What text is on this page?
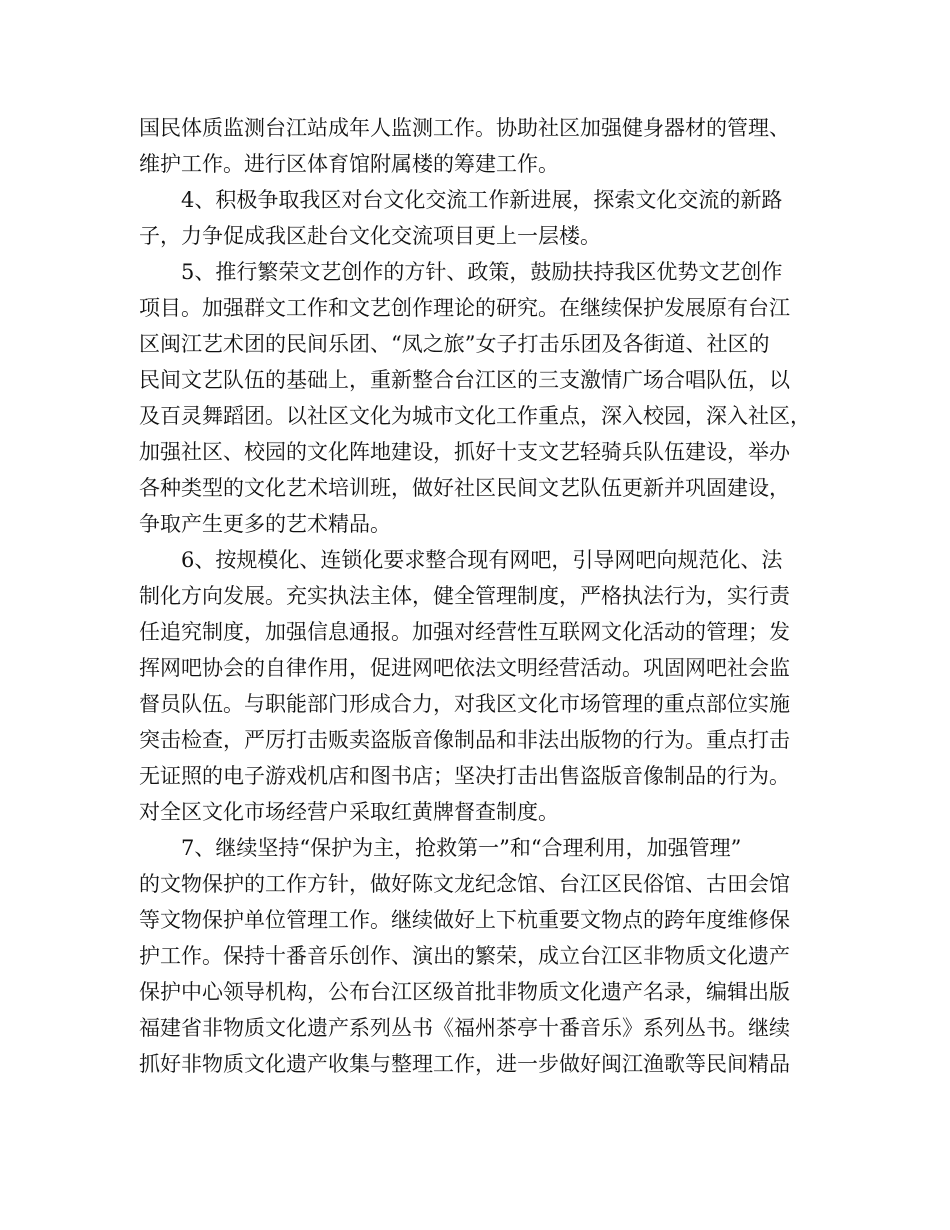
国民体质监测台江站成年人监测工作。协助社区加强健身器材的管理、
维护工作。进行区体育馆附属楼的筹建工作。
4、积极争取我区对台文化交流工作新进展，探索文化交流的新路
子，力争促成我区赴台文化交流项目更上一层楼。
5、推行繁荣文艺创作的方针、政策，鼓励扶持我区优势文艺创作
项目。加强群文工作和文艺创作理论的研究。在继续保护发展原有台江
区闽江艺术团的民间乐团、“凤之旅”女子打击乐团及各街道、社区的
民间文艺队伍的基础上，重新整合台江区的三支激情广场合唱队伍，以
及百灵舞蹈团。以社区文化为城市文化工作重点，深入校园，深入社区，
加强社区、校园的文化阵地建设，抓好十支文艺轻骑兵队伍建设，举办
各种类型的文化艺术培训班，做好社区民间文艺队伍更新并巩固建设，
争取产生更多的艺术精品。
6、按规模化、连锁化要求整合现有网吧，引导网吧向规范化、法
制化方向发展。充实执法主体，健全管理制度，严格执法行为，实行责
任追究制度，加强信息通报。加强对经营性互联网文化活动的管理；发
挥网吧协会的自律作用，促进网吧依法文明经营活动。巩固网吧社会监
督员队伍。与职能部门形成合力，对我区文化市场管理的重点部位实施
突击检查，严厉打击贩卖盗版音像制品和非法出版物的行为。重点打击
无证照的电子游戏机店和图书店；坚决打击出售盗版音像制品的行为。
对全区文化市场经营户采取红黄牌督查制度。
7、继续坚持“保护为主，抢救第一”和“合理利用，加强管理”
的文物保护的工作方针，做好陈文龙纪念馆、台江区民俗馆、古田会馆
等文物保护单位管理工作。继续做好上下杭重要文物点的跨年度维修保
护工作。保持十番音乐创作、演出的繁荣，成立台江区非物质文化遗产
保护中心领导机构，公布台江区级首批非物质文化遗产名录，编辑出版
福建省非物质文化遗产系列丛书《福州茶亭十番音乐》系列丛书。继续
抓好非物质文化遗产收集与整理工作，进一步做好闽江渔歌等民间精品
